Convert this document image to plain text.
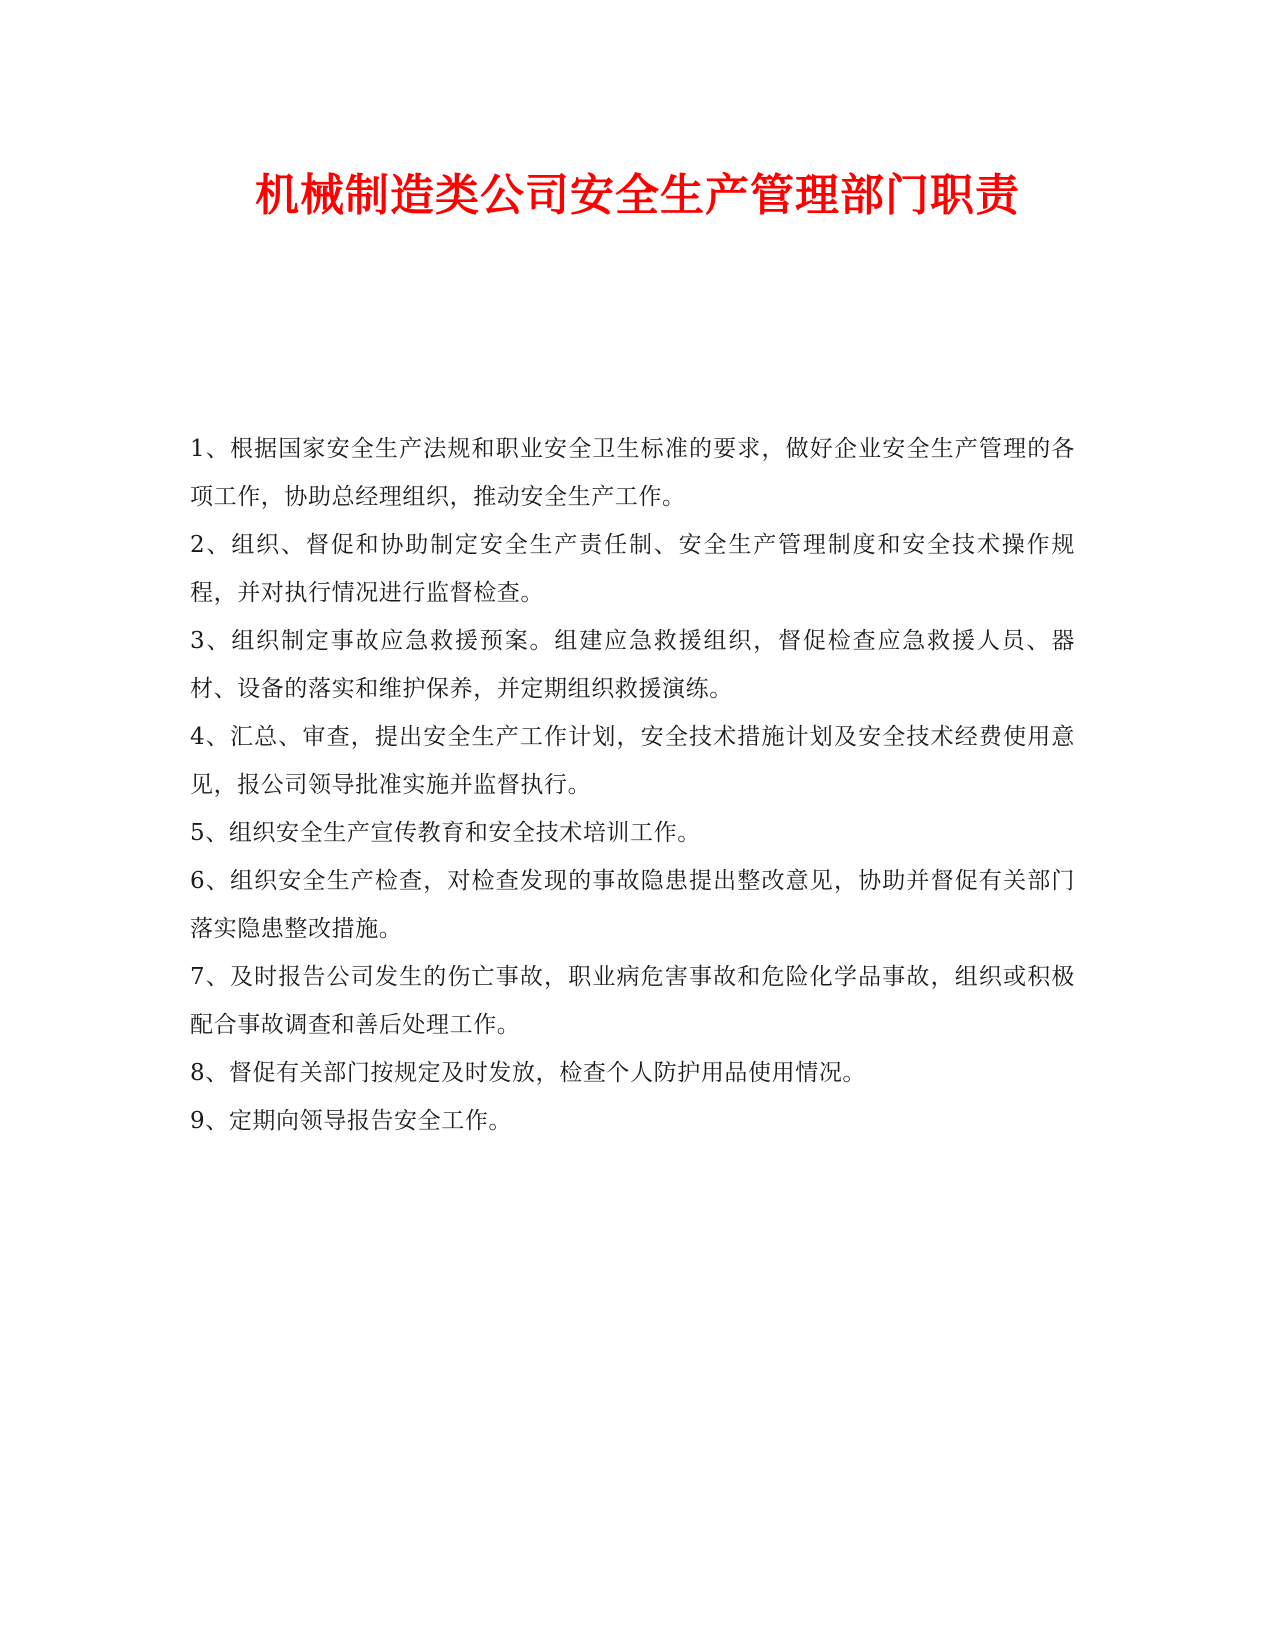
机械制造类公司安全生产管理部门职责
1、根据国家安全生产法规和职业安全卫生标准的要求，做好企业安全生产管理的各项工作，协助总经理组织，推动安全生产工作。
2、组织、督促和协助制定安全生产责任制、安全生产管理制度和安全技术操作规程，并对执行情况进行监督检查。
3、组织制定事故应急救援预案。组建应急救援组织，督促检查应急救援人员、器材、设备的落实和维护保养，并定期组织救援演练。
4、汇总、审查，提出安全生产工作计划，安全技术措施计划及安全技术经费使用意见，报公司领导批准实施并监督执行。
5、组织安全生产宣传教育和安全技术培训工作。
6、组织安全生产检查，对检查发现的事故隐患提出整改意见，协助并督促有关部门落实隐患整改措施。
7、及时报告公司发生的伤亡事故，职业病危害事故和危险化学品事故，组织或积极配合事故调查和善后处理工作。
8、督促有关部门按规定及时发放，检查个人防护用品使用情况。
9、定期向领导报告安全工作。
